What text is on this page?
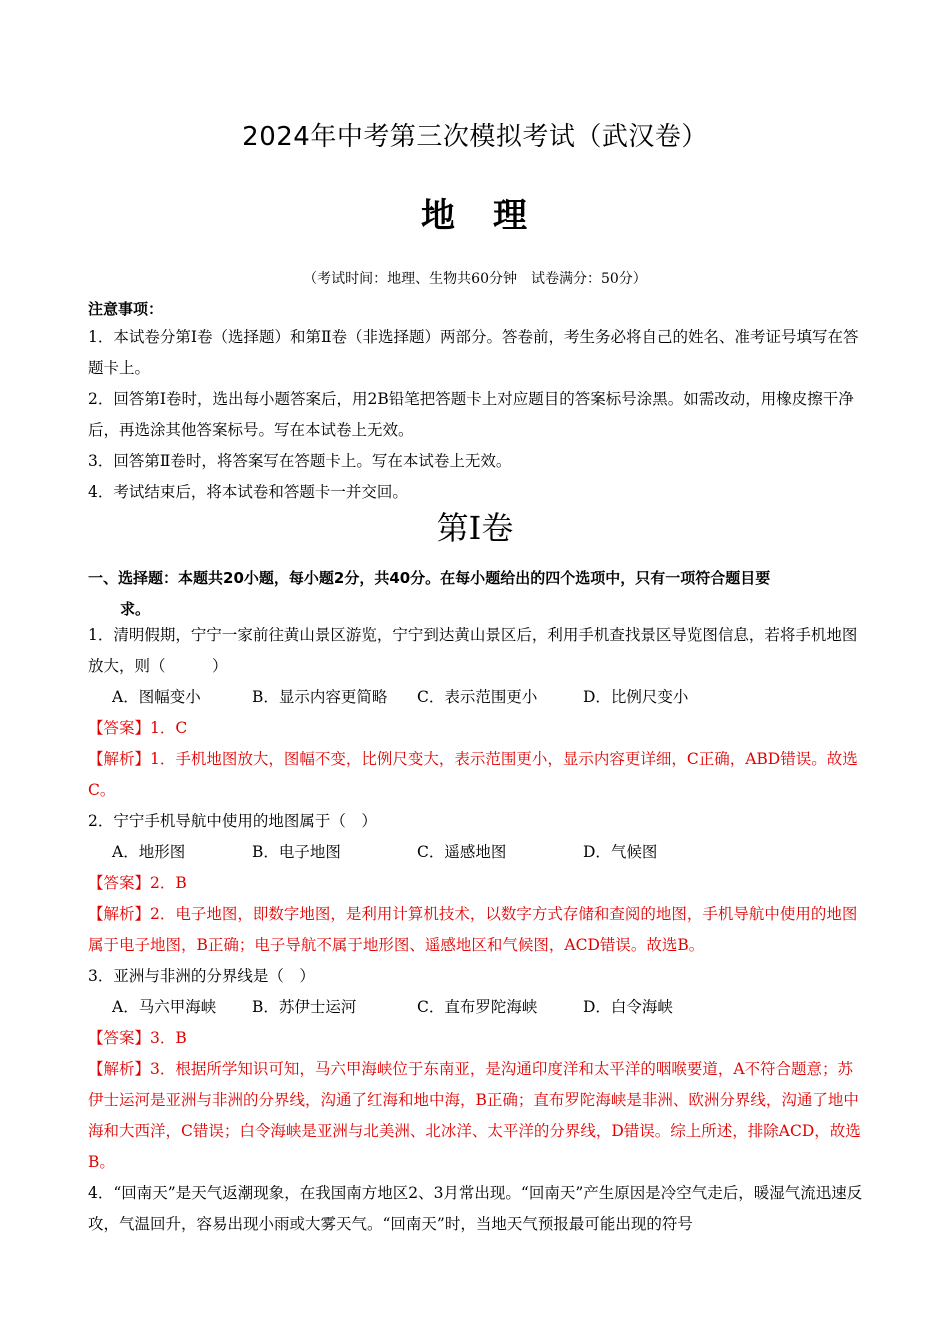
2024年中考第三次模拟考试（武汉卷）
地　理
（考试时间：地理、生物共60分钟　试卷满分：50分）
注意事项：

1．本试卷分第Ⅰ卷（选择题）和第Ⅱ卷（非选择题）两部分。答卷前，考生务必将自己的姓名、准考证号填写在答题卡上。

2．回答第Ⅰ卷时，选出每小题答案后，用2B铅笔把答题卡上对应题目的答案标号涂黑。如需改动，用橡皮擦干净后，再选涂其他答案标号。写在本试卷上无效。

3．回答第Ⅱ卷时，将答案写在答题卡上。写在本试卷上无效。

4．考试结束后，将本试卷和答题卡一并交回。

第Ⅰ卷
一、选择题：本题共20小题，每小题2分，共40分。在每小题给出的四个选项中，只有一项符合题目要
求。

1．清明假期，宁宁一家前往黄山景区游览，宁宁到达黄山景区后，利用手机查找景区导览图信息，若将手机地图放大，则（　　　）

A．图幅变小	B．显示内容更简略	C．表示范围更小	D．比例尺变小

【答案】1．C

【解析】1．手机地图放大，图幅不变，比例尺变大，表示范围更小，显示内容更详细，C正确，ABD错误。故选C。

2．宁宁手机导航中使用的地图属于（　）

A．地形图	B．电子地图	C．遥感地图	D．气候图

【答案】2．B

【解析】2．电子地图，即数字地图，是利用计算机技术，以数字方式存储和查阅的地图，手机导航中使用的地图属于电子地图，B正确；电子导航不属于地形图、遥感地区和气候图，ACD错误。故选B。

3．亚洲与非洲的分界线是（　）

A．马六甲海峡	B．苏伊士运河	C．直布罗陀海峡	D．白令海峡

【答案】3．B

【解析】3．根据所学知识可知，马六甲海峡位于东南亚，是沟通印度洋和太平洋的咽喉要道，A不符合题意；苏伊士运河是亚洲与非洲的分界线，沟通了红海和地中海，B正确；直布罗陀海峡是非洲、欧洲分界线，沟通了地中海和大西洋，C错误；白令海峡是亚洲与北美洲、北冰洋、太平洋的分界线，D错误。综上所述，排除ACD，故选B。

4．“回南天”是天气返潮现象，在我国南方地区2、3月常出现。“回南天”产生原因是冷空气走后，暖湿气流迅速反攻，气温回升，容易出现小雨或大雾天气。“回南天”时，当地天气预报最可能出现的符号
